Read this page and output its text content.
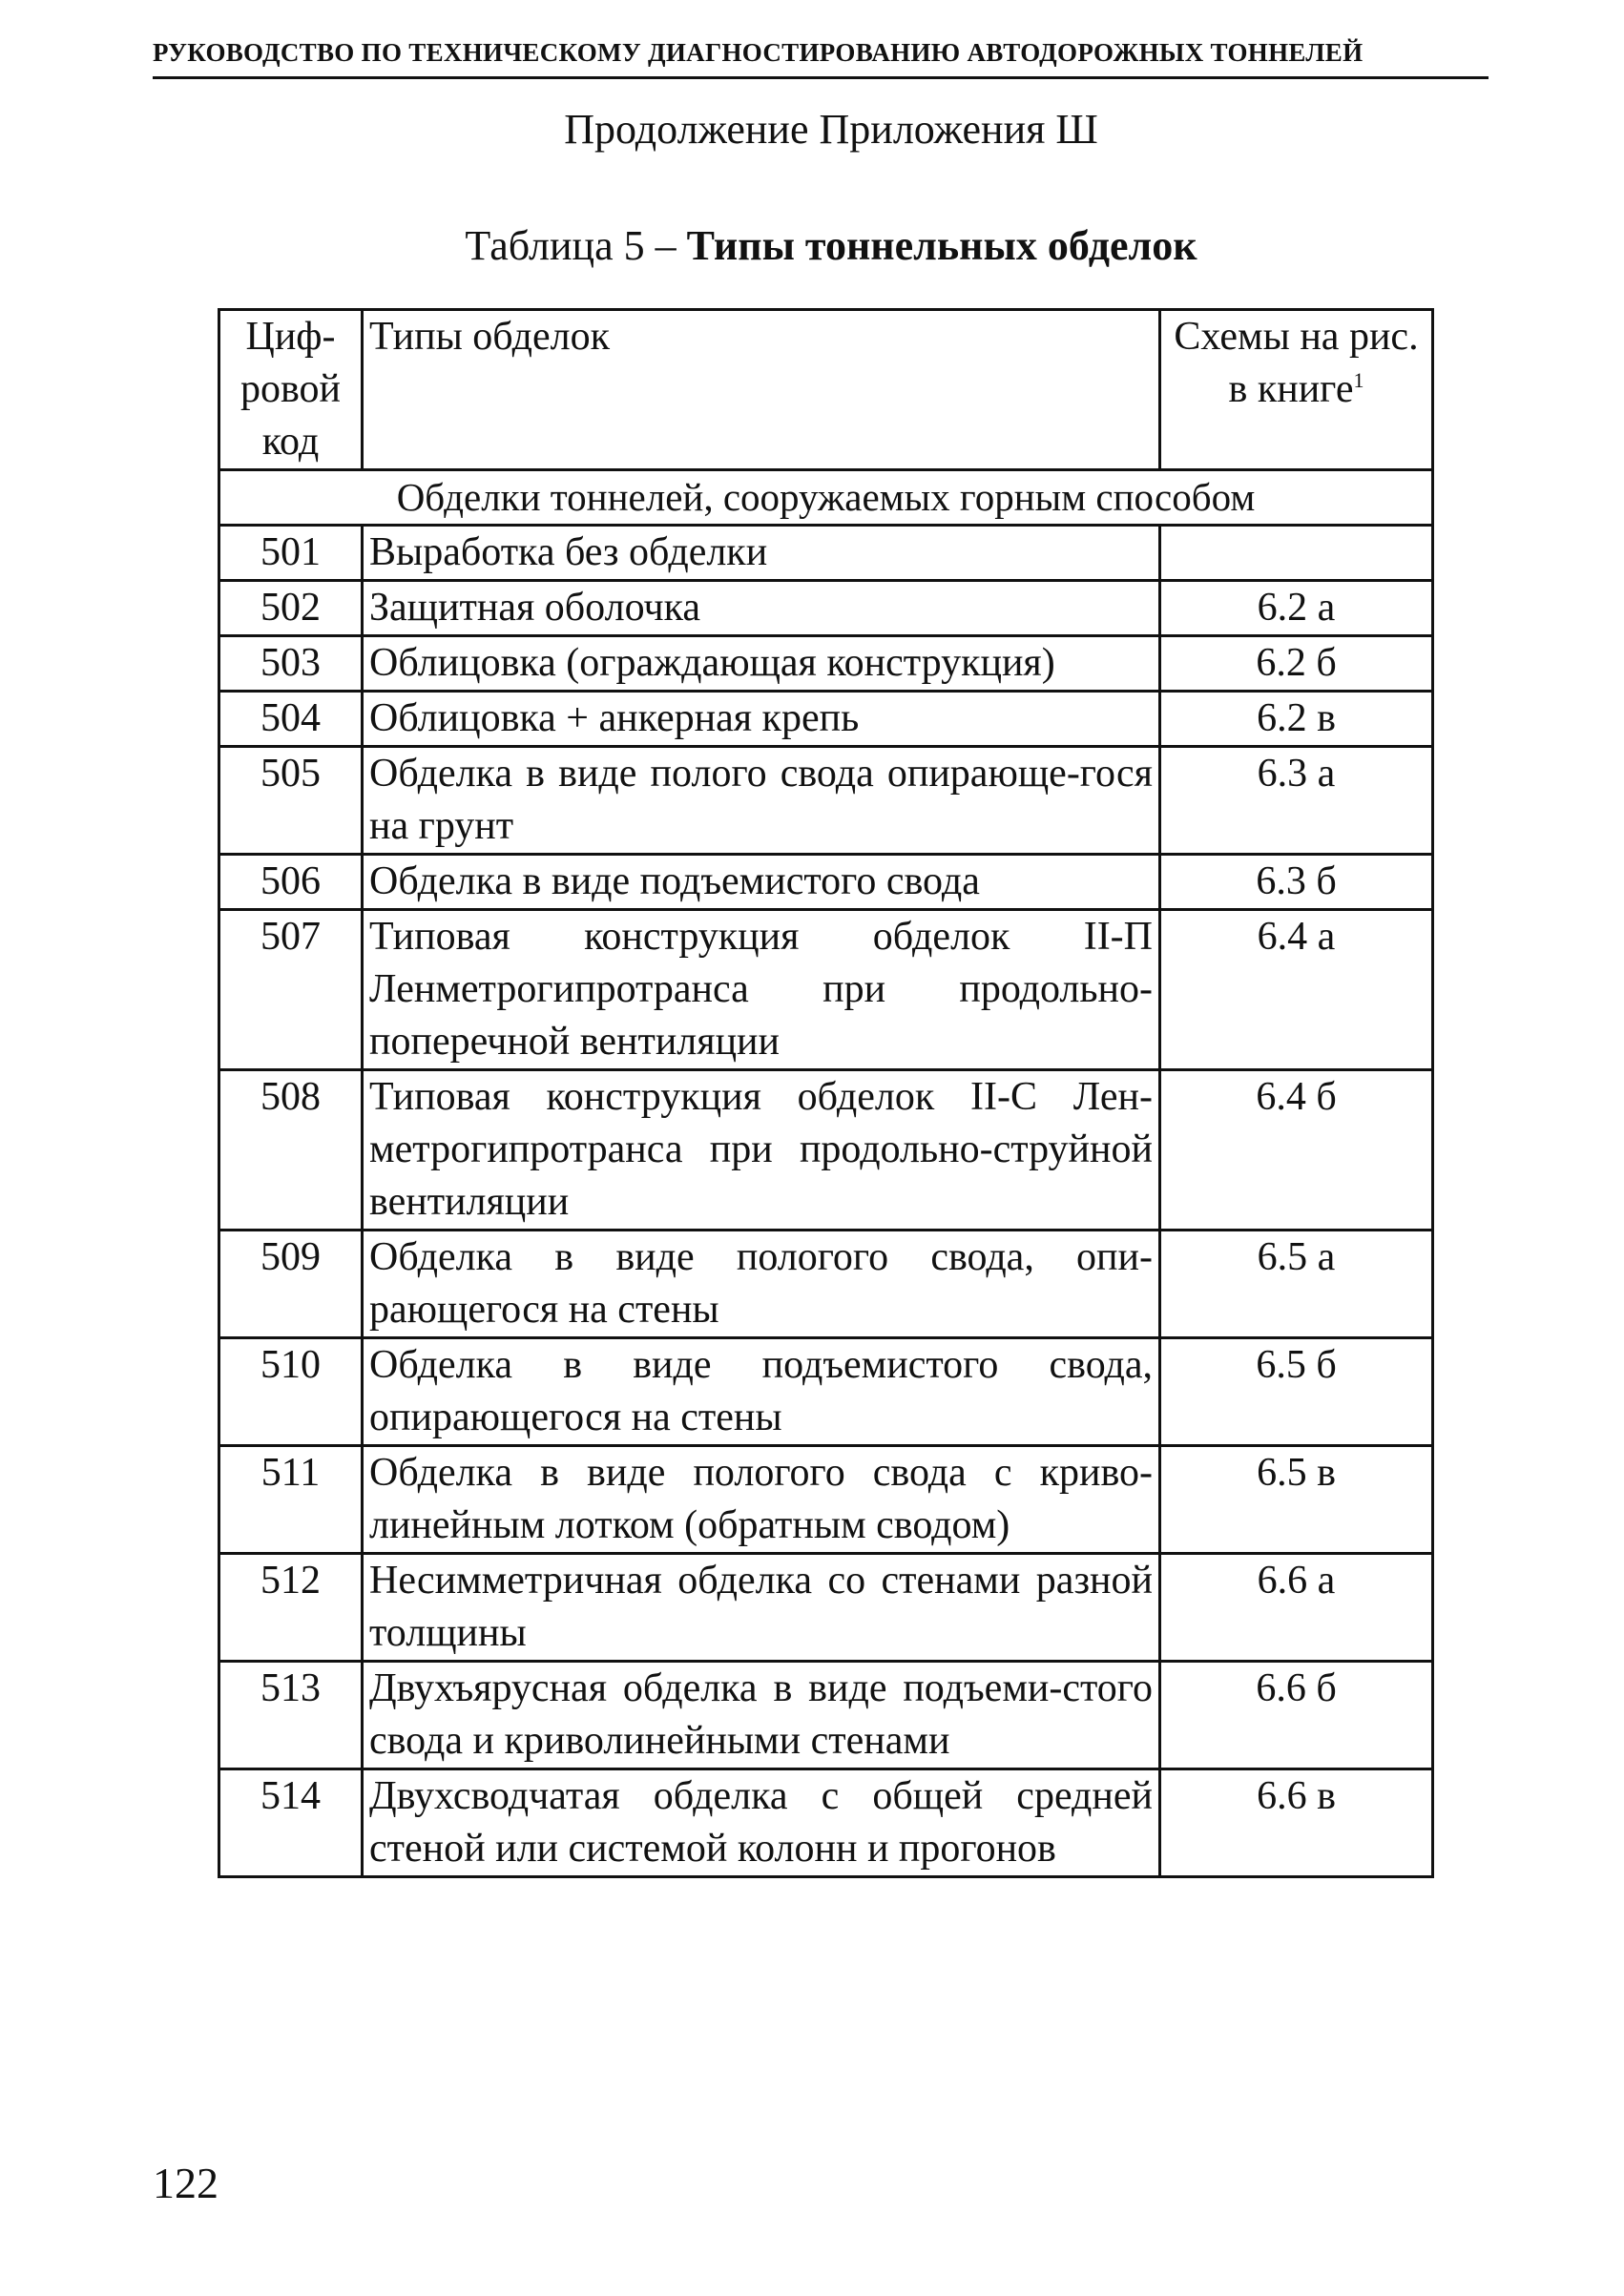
РУКОВОДСТВО ПО ТЕХНИЧЕСКОМУ ДИАГНОСТИРОВАНИЮ АВТОДОРОЖНЫХ ТОННЕЛЕЙ
Продолжение Приложения Ш
Таблица 5 – Типы тоннельных обделок
Циф-ровой код	Типы обделок	Схемы на рис. в книге$^1$
Обделки тоннелей, сооружаемых горным способом		
501	Выработка без обделки	
502	Защитная оболочка	6.2 а
503	Облицовка (ограждающая конструкция)	6.2 б
504	Облицовка + анкерная крепь	6.2 в
505	Обделка в виде полого свода опирающе-гося на грунт	6.3 а
506	Обделка в виде подъемистого свода	6.3 б
507	Типовая конструкция обделок II-П Ленметрогипротранса при продольно-поперечной вентиляции	6.4 а
508	Типовая конструкция обделок II-С Лен-метрогипротранса при продольно-струйной вентиляции	6.4 б
509	Обделка в виде пологого свода, опи-рающегося на стены	6.5 а
510	Обделка в виде подъемистого свода, опирающегося на стены	6.5 б
511	Обделка в виде пологого свода с криво-линейным лотком (обратным сводом)	6.5 в
512	Несимметричная обделка со стенами разной толщины	6.6 а
513	Двухъярусная обделка в виде подъеми-стого свода и криволинейными стенами	6.6 б
514	Двухсводчатая обделка с общей средней стеной или системой колонн и прогонов	6.6 в
122
